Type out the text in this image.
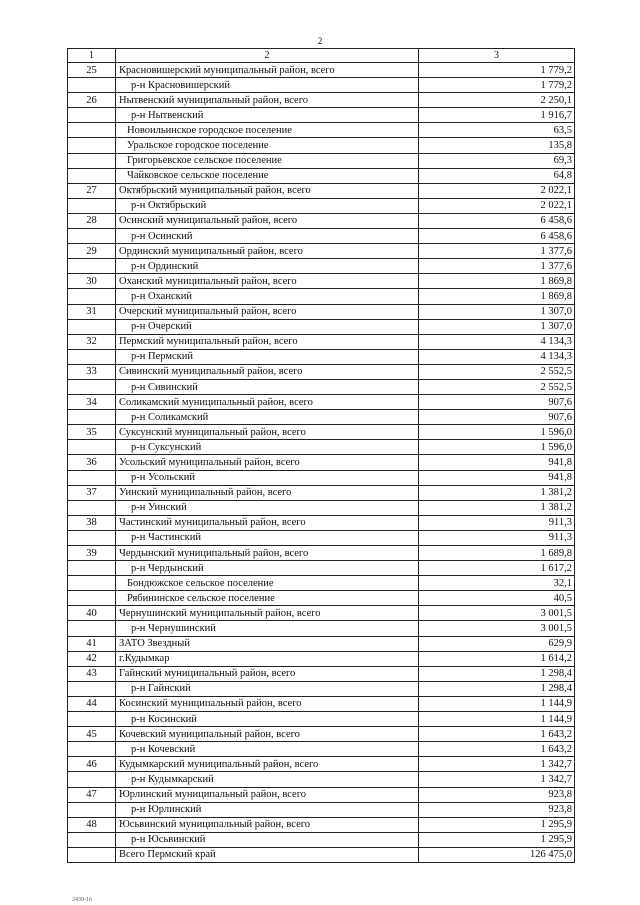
2
1	2	3
25	Красновишерский муниципальный район, всего	1 779,2
	р-н Красновишерский	1 779,2
26	Нытвенский муниципальный район, всего	2 250,1
	р-н Нытвенский	1 916,7
	Новоильинское городское поселение	63,5
	Уральское городское поселение	135,8
	Григорьевское сельское поселение	69,3
	Чайковское сельское поселение	64,8
27	Октябрьский муниципальный район, всего	2 022,1
	р-н Октябрьский	2 022,1
28	Осинский муниципальный район, всего	6 458,6
	р-н Осинский	6 458,6
29	Ординский муниципальный район, всего	1 377,6
	р-н Ординский	1 377,6
30	Оханский муниципальный район, всего	1 869,8
	р-н Оханский	1 869,8
31	Очерский муниципальный район, всего	1 307,0
	р-н Очерский	1 307,0
32	Пермский муниципальный район, всего	4 134,3
	р-н Пермский	4 134,3
33	Сивинский муниципальный район, всего	2 552,5
	р-н Сивинский	2 552,5
34	Соликамский муниципальный район, всего	907,6
	р-н Соликамский	907,6
35	Суксунский муниципальный район, всего	1 596,0
	р-н Суксунский	1 596,0
36	Усольский муниципальный район, всего	941,8
	р-н Усольский	941,8
37	Уинский муниципальный район, всего	1 381,2
	р-н Уинский	1 381,2
38	Частинский муниципальный район, всего	911,3
	р-н Частинский	911,3
39	Чердынский муниципальный район, всего	1 689,8
	р-н Чердынский	1 617,2
	Бондюжское сельское поселение	32,1
	Рябининское сельское поселение	40,5
40	Чернушинский муниципальный район, всего	3 001,5
	р-н Чернушинский	3 001,5
41	ЗАТО Звездный	629,9
42	г.Кудымкар	1 614,2
43	Гайнский муниципальный район, всего	1 298,4
	р-н Гайнский	1 298,4
44	Косинский муниципальный район, всего	1 144,9
	р-н Косинский	1 144,9
45	Кочевский муниципальный район, всего	1 643,2
	р-н Кочевский	1 643,2
46	Кудымкарский муниципальный район, всего	1 342,7
	р-н Кудымкарский	1 342,7
47	Юрлинский муниципальный район, всего	923,8
	р-н Юрлинский	923,8
48	Юсьвинский муниципальный район, всего	1 295,9
	р-н Юсьвинский	1 295,9
	Всего Пермский край	126 475,0
2439-16
